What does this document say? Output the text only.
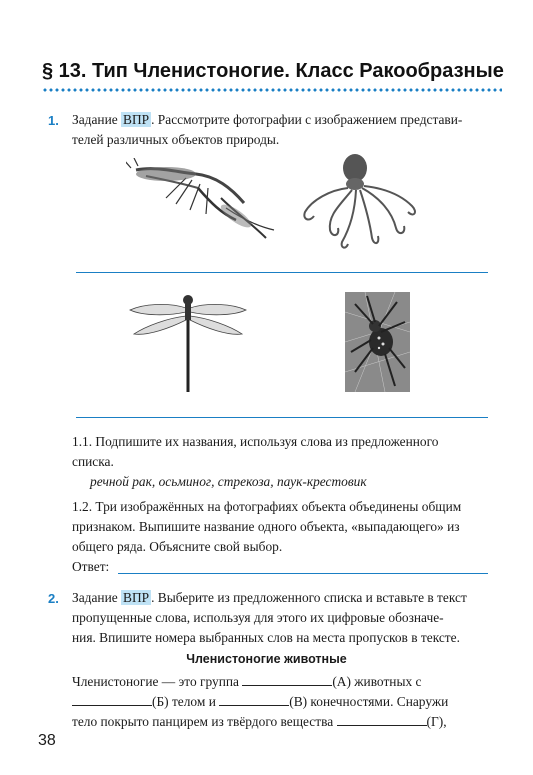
§ 13. Тип Членистоногие. Класс Ракообразные
1. Задание ВПР . Рассмотрите фотографии с изображением представи-
телей различных объектов природы.
1.1. Подпишите их названия, используя слова из предложенного
списка.
речной рак, осьминог, стрекоза, паук-крестовик
1.2. Три изображённых на фотографиях объекта объединены общим
признаком. Выпишите название одного объекта, «выпадающего» из
общего ряда. Объясните свой выбор.
Ответ:
2. Задание ВПР . Выберите из предложенного списка и вставьте в текст
пропущенные слова, используя для этого их цифровые обозначе-
ния. Впишите номера выбранных слов на места пропусков в тексте.
Членистоногие животные
Членистоногие — это группа	(А) животных с
(Б) телом и	(В) конечностями. Снаружи
тело покрыто панцирем из твёрдого вещества	(Г),
38
